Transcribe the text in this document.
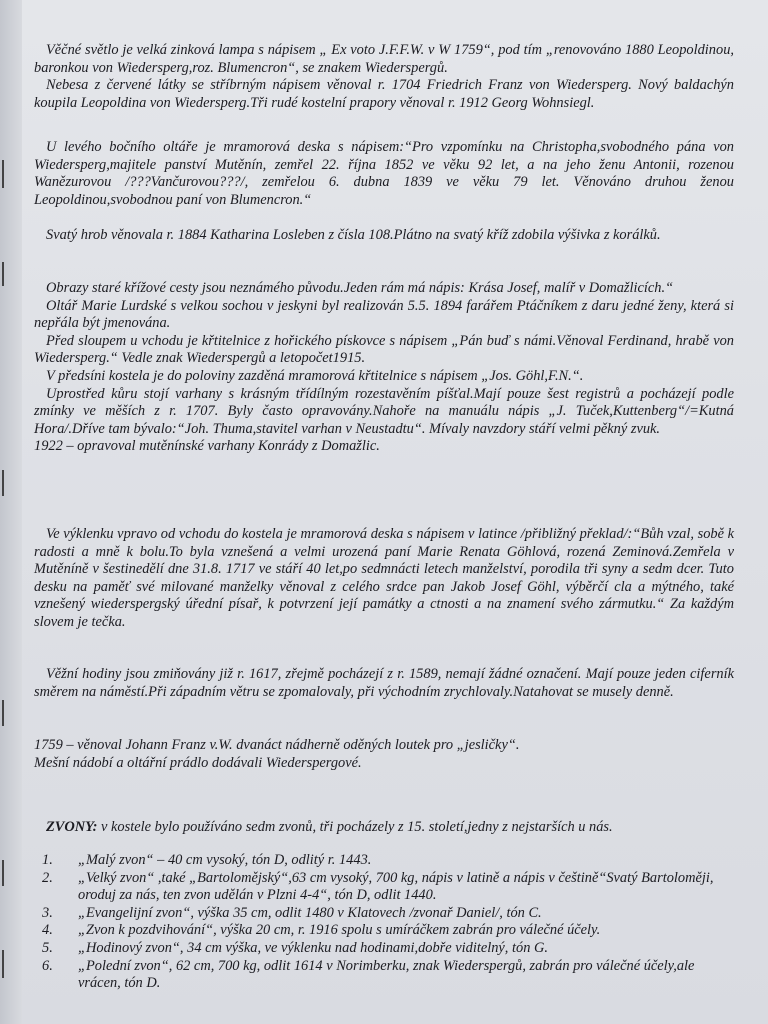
Věčné světlo je velká zinková lampa s nápisem „ Ex voto J.F.F.W. v W 1759“, pod tím „renovováno 1880 Leopoldinou, baronkou von Wiedersperg,roz. Blumencron“, se znakem Wiederspergů.

Nebesa z červené látky se stříbrným nápisem věnoval r. 1704 Friedrich Franz von Wiedersperg. Nový baldachýn koupila Leopoldina von Wiedersperg.Tři rudé kostelní prapory věnoval r. 1912 Georg Wohnsiegl.

U levého bočního oltáře je mramorová deska s nápisem:“Pro vzpomínku na Christopha,svobodného pána von Wiedersperg,majitele panství Mutěnín, zemřel 22. října 1852 ve věku 92 let, a na jeho ženu Antonii, rozenou Wanězurovou /???Vančurovou???/, zemřelou 6. dubna 1839 ve věku 79 let. Věnováno druhou ženou Leopoldinou,svobodnou paní von Blumencron.“

Svatý hrob věnovala r. 1884 Katharina Losleben z čísla 108.Plátno na svatý kříž zdobila výšivka z korálků.

Obrazy staré křížové cesty jsou neznámého původu.Jeden rám má nápis: Krása Josef, malíř v Domažlicích.“

Oltář Marie Lurdské s velkou sochou v jeskyni byl realizován 5.5. 1894 farářem Ptáčníkem z daru jedné ženy, která si nepřála být jmenována.

Před sloupem u vchodu je křtitelnice z hořického pískovce s nápisem „Pán buď s námi.Věnoval Ferdinand, hrabě von Wiedersperg.“ Vedle znak Wiederspergů a letopočet1915.

V předsíni kostela je do poloviny zazděná mramorová křtitelnice s nápisem „Jos. Göhl,F.N.“.

Uprostřed kůru stojí varhany s krásným třídílným rozestavěním píšťal.Mají pouze šest registrů a pocházejí podle zmínky ve měších z r. 1707. Byly často opravovány.Nahoře na manuálu nápis „J. Tuček,Kuttenberg“/=Kutná Hora/.Dříve tam bývalo:“Joh. Thuma,stavitel varhan v Neustadtu“. Mívaly navzdory stáří velmi pěkný zvuk.

1922 – opravoval mutěnínské varhany Konrády z Domažlic.

Ve výklenku vpravo od vchodu do kostela je mramorová deska s nápisem v latince /přibližný překlad/:“Bůh vzal, sobě k radosti a mně k bolu.To byla vznešená a velmi urozená paní Marie Renata Göhlová, rozená Zeminová.Zemřela v Mutěníně v šestinedělí dne 31.8. 1717 ve stáří 40 let,po sedmnácti letech manželství, porodila tři syny a sedm dcer. Tuto desku na paměť své milované manželky věnoval z celého srdce pan Jakob Josef Göhl, výběrčí cla a mýtného, také vznešený wiederspergský úřední písař, k potvrzení její památky a ctnosti a na znamení svého zármutku.“ Za každým slovem je tečka.

Věžní hodiny jsou zmiňovány již r. 1617, zřejmě pocházejí z r. 1589, nemají žádné označení. Mají pouze jeden ciferník směrem na náměstí.Při západním větru se zpomalovaly, při východním zrychlovaly.Natahovat se musely denně.

1759 – věnoval Johann Franz v.W. dvanáct nádherně oděných loutek pro „jesličky“.

Mešní nádobí a oltářní prádlo dodávali Wiederspergové.

ZVONY: v kostele bylo používáno sedm zvonů, tři pocházely z 15. století,jedny z nejstarších u nás.

1. „Malý zvon“ – 40 cm vysoký, tón D, odlitý r. 1443.
2. „Velký zvon“ ,také „Bartolomějský“,63 cm vysoký, 700 kg, nápis v latině a nápis v češtině“Svatý Bartoloměji, oroduj za nás, ten zvon udělán v Plzni 4-4“, tón D, odlit 1440.
3. „Evangelijní zvon“, výška 35 cm, odlit 1480 v Klatovech /zvonař Daniel/, tón C.
4. „Zvon k pozdvihování“, výška 20 cm, r. 1916 spolu s umíráčkem zabrán pro válečné účely.
5. „Hodinový zvon“, 34 cm výška, ve výklenku nad hodinami,dobře viditelný, tón G.
6. „Polední zvon“, 62 cm, 700 kg, odlit 1614 v Norimberku, znak Wiederspergů, zabrán pro válečné účely,ale vrácen, tón D.
